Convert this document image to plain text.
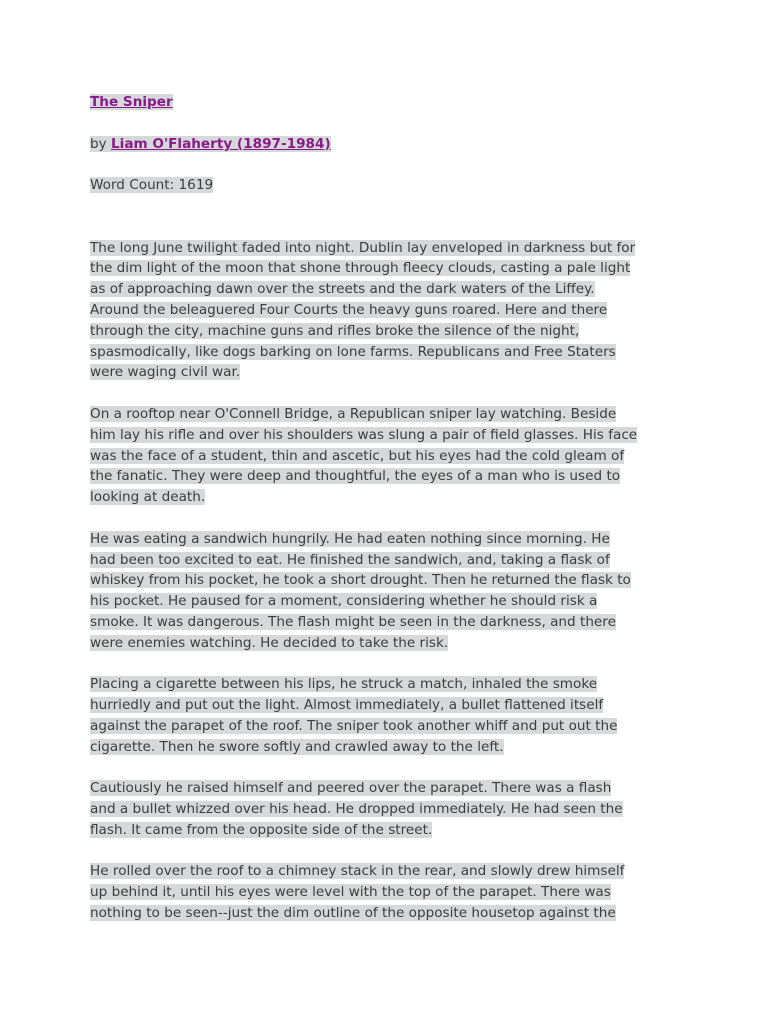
The Sniper

by Liam O'Flaherty (1897-1984)

Word Count: 1619

The long June twilight faded into night. Dublin lay enveloped in darkness but for
the dim light of the moon that shone through fleecy clouds, casting a pale light
as of approaching dawn over the streets and the dark waters of the Liffey.
Around the beleaguered Four Courts the heavy guns roared. Here and there
through the city, machine guns and rifles broke the silence of the night,
spasmodically, like dogs barking on lone farms. Republicans and Free Staters
were waging civil war.

On a rooftop near O'Connell Bridge, a Republican sniper lay watching. Beside
him lay his rifle and over his shoulders was slung a pair of field glasses. His face
was the face of a student, thin and ascetic, but his eyes had the cold gleam of
the fanatic. They were deep and thoughtful, the eyes of a man who is used to
looking at death.

He was eating a sandwich hungrily. He had eaten nothing since morning. He
had been too excited to eat. He finished the sandwich, and, taking a flask of
whiskey from his pocket, he took a short drought. Then he returned the flask to
his pocket. He paused for a moment, considering whether he should risk a
smoke. It was dangerous. The flash might be seen in the darkness, and there
were enemies watching. He decided to take the risk.

Placing a cigarette between his lips, he struck a match, inhaled the smoke
hurriedly and put out the light. Almost immediately, a bullet flattened itself
against the parapet of the roof. The sniper took another whiff and put out the
cigarette. Then he swore softly and crawled away to the left.

Cautiously he raised himself and peered over the parapet. There was a flash
and a bullet whizzed over his head. He dropped immediately. He had seen the
flash. It came from the opposite side of the street.

He rolled over the roof to a chimney stack in the rear, and slowly drew himself
up behind it, until his eyes were level with the top of the parapet. There was
nothing to be seen--just the dim outline of the opposite housetop against the
